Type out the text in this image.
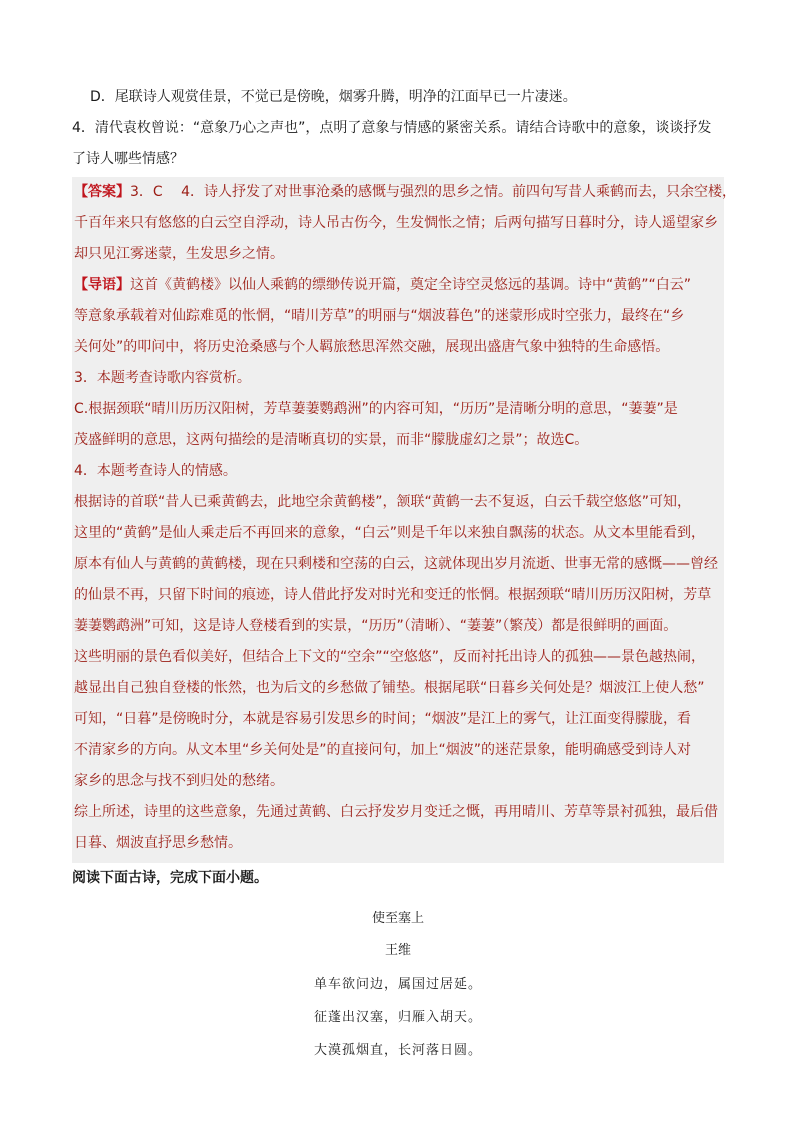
D．尾联诗人观赏佳景，不觉已是傍晚，烟雾升腾，明净的江面早已一片凄迷。
4．清代袁枚曾说：“意象乃心之声也”，点明了意象与情感的紧密关系。请结合诗歌中的意象，谈谈抒发
了诗人哪些情感？
【答案】3．C　 4．诗人抒发了对世事沧桑的感慨与强烈的思乡之情。前四句写昔人乘鹤而去，只余空楼，
千百年来只有悠悠的白云空自浮动，诗人吊古伤今，生发惆怅之情；后两句描写日暮时分，诗人遥望家乡
却只见江雾迷蒙，生发思乡之情。
【导语】这首《黄鹤楼》以仙人乘鹤的缥缈传说开篇，奠定全诗空灵悠远的基调。诗中“黄鹤”“白云”
等意象承载着对仙踪难觅的怅惘，“晴川芳草”的明丽与“烟波暮色”的迷蒙形成时空张力，最终在“乡
关何处”的叩问中，将历史沧桑感与个人羁旅愁思浑然交融，展现出盛唐气象中独特的生命感悟。
3．本题考查诗歌内容赏析。
C.根据颈联“晴川历历汉阳树，芳草萋萋鹦鹉洲”的内容可知，“历历”是清晰分明的意思，“萋萋”是
茂盛鲜明的意思，这两句描绘的是清晰真切的实景，而非“朦胧虚幻之景”；故选C。
4．本题考查诗人的情感。
根据诗的首联“昔人已乘黄鹤去，此地空余黄鹤楼”，颔联“黄鹤一去不复返，白云千载空悠悠”可知，
这里的“黄鹤”是仙人乘走后不再回来的意象，“白云”则是千年以来独自飘荡的状态。从文本里能看到，
原本有仙人与黄鹤的黄鹤楼，现在只剩楼和空荡的白云，这就体现出岁月流逝、世事无常的感慨——曾经
的仙景不再，只留下时间的痕迹，诗人借此抒发对时光和变迁的怅惘。根据颈联“晴川历历汉阳树，芳草
萋萋鹦鹉洲”可知，这是诗人登楼看到的实景，“历历”（清晰）、“萋萋”（繁茂）都是很鲜明的画面。
这些明丽的景色看似美好，但结合上下文的“空余”“空悠悠”，反而衬托出诗人的孤独——景色越热闹，
越显出自己独自登楼的怅然，也为后文的乡愁做了铺垫。根据尾联“日暮乡关何处是？烟波江上使人愁”
可知，“日暮”是傍晚时分，本就是容易引发思乡的时间；“烟波”是江上的雾气，让江面变得朦胧，看
不清家乡的方向。从文本里“乡关何处是”的直接问句，加上“烟波”的迷茫景象，能明确感受到诗人对
家乡的思念与找不到归处的愁绪。
综上所述，诗里的这些意象，先通过黄鹤、白云抒发岁月变迁之慨，再用晴川、芳草等景衬孤独，最后借
日暮、烟波直抒思乡愁情。
阅读下面古诗，完成下面小题。
使至塞上
王维
单车欲问边，属国过居延。
征蓬出汉塞，归雁入胡天。
大漠孤烟直，长河落日圆。
